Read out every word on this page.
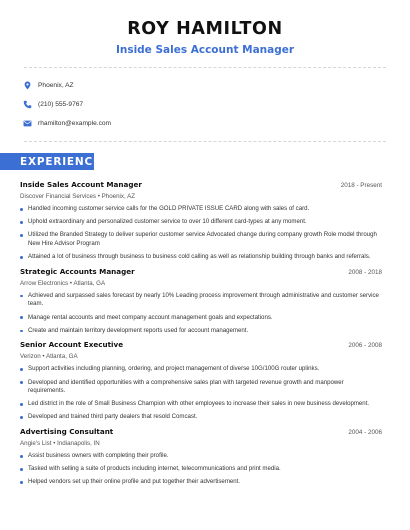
ROY HAMILTON
Inside Sales Account Manager
Phoenix, AZ
(210) 555-9767
rhamilton@example.com
EXPERIENCE
Inside Sales Account Manager	2018 - Present
Discover Financial Services • Phoenix, AZ
Handled incoming customer service calls for the GOLD PRIVATE ISSUE CARD along with sales of card.
Uphold extraordinary and personalized customer service to over 10 different card-types at any moment.
Utilized the Branded Strategy to deliver superior customer service Advocated change during company growth Role model through New Hire Advisor Program
Attained a lot of business through business to business cold calling as well as relationship building through banks and referrals.
Strategic Accounts Manager	2008 - 2018
Arrow Electronics • Atlanta, GA
Achieved and surpassed sales forecast by nearly 10% Leading process improvement through administrative and customer service team.
Manage rental accounts and meet company account management goals and expectations.
Create and maintain territory development reports used for account management.
Senior Account Executive	2006 - 2008
Verizon • Atlanta, GA
Support activities including planning, ordering, and project management of diverse 10G/100G router uplinks.
Developed and identified opportunities with a comprehensive sales plan with targeted revenue growth and manpower requirements.
Led district in the role of Small Business Champion with other employees to increase their sales in new business development.
Developed and trained third party dealers that resold Comcast.
Advertising Consultant	2004 - 2006
Angie's List • Indianapolis, IN
Assist business owners with completing their profile.
Tasked with selling a suite of products including internet, telecommunications and print media.
Helped vendors set up their online profile and put together their advertisement.
